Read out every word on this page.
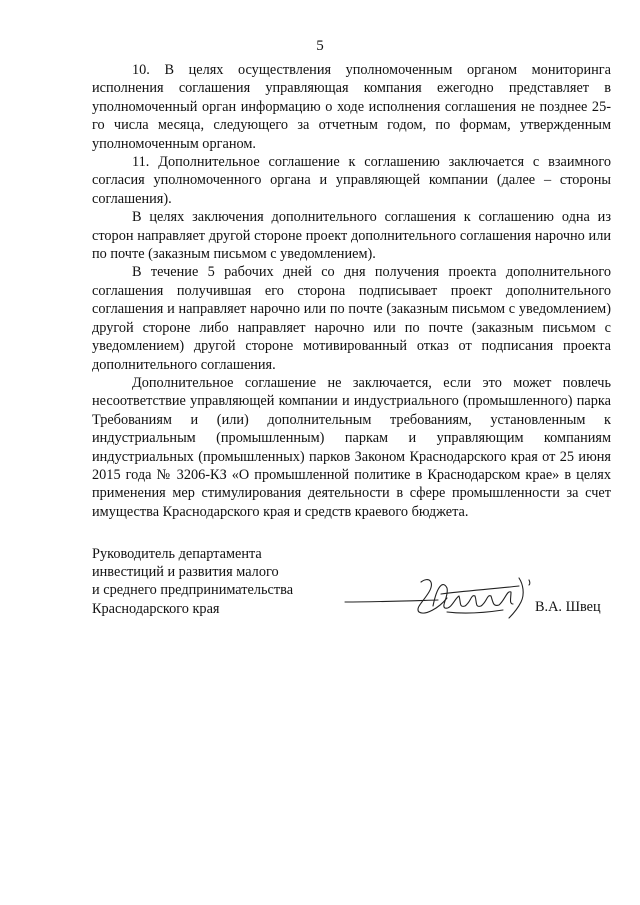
5

10. В целях осуществления уполномоченным органом мониторинга исполнения соглашения управляющая компания ежегодно представляет в уполномоченный орган информацию о ходе исполнения соглашения не позднее 25-го числа месяца, следующего за отчетным годом, по формам, утвержденным уполномоченным органом.

11. Дополнительное соглашение к соглашению заключается с взаимного согласия уполномоченного органа и управляющей компании (далее – стороны соглашения).

В целях заключения дополнительного соглашения к соглашению одна из сторон направляет другой стороне проект дополнительного соглашения нарочно или по почте (заказным письмом с уведомлением).

В течение 5 рабочих дней со дня получения проекта дополнительного соглашения получившая его сторона подписывает проект дополнительного соглашения и направляет нарочно или по почте (заказным письмом с уведомлением) другой стороне либо направляет нарочно или по почте (заказным письмом с уведомлением) другой стороне мотивированный отказ от подписания проекта дополнительного соглашения.

Дополнительное соглашение не заключается, если это может повлечь несоответствие управляющей компании и индустриального (промышленного) парка Требованиям и (или) дополнительным требованиям, установленным к индустриальным (промышленным) паркам и управляющим компаниям индустриальных (промышленных) парков Законом Краснодарского края от 25 июня 2015 года № 3206-КЗ «О промышленной политике в Краснодарском крае» в целях применения мер стимулирования деятельности в сфере промышленности за счет имущества Краснодарского края и средств краевого бюджета.

Руководитель департамента
инвестиций и развития малого
и среднего предпринимательства
Краснодарского края	В.А. Швец
